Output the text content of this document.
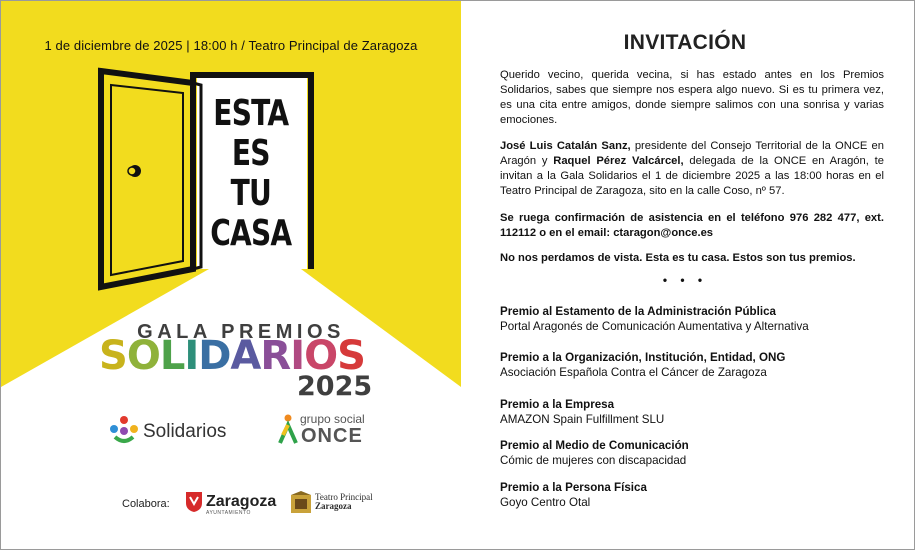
1 de diciembre de 2025 | 18:00 h / Teatro Principal de Zaragoza
ESTA
ES
TU
CASA
GALA PREMIOS
SOLIDARIOS
2025
Solidarios
grupo social
ONCE
Colabora: Zaragoza
AYUNTAMIENTO
Teatro Principal
Zaragoza
INVITACIÓN
Querido vecino, querida vecina, si has estado antes en los Premios Solidarios, sabes que siempre nos espera algo nuevo. Si es tu primera vez, es una cita entre amigos, donde siempre salimos con una sonrisa y varias emociones.
José Luis Catalán Sanz, presidente del Consejo Territorial de la ONCE en Aragón y Raquel Pérez Valcárcel, delegada de la ONCE en Aragón, te invitan a la Gala Solidarios el 1 de diciembre 2025 a las 18:00 horas en el Teatro Principal de Zaragoza, sito en la calle Coso, nº 57.
Se ruega confirmación de asistencia en el teléfono 976 282 477, ext. 112112 o en el email: ctaragon@once.es
No nos perdamos de vista. Esta es tu casa. Estos son tus premios.
• • •
Premio al Estamento de la Administración Pública
Portal Aragonés de Comunicación Aumentativa y Alternativa
Premio a la Organización, Institución, Entidad, ONG
Asociación Española Contra el Cáncer de Zaragoza
Premio a la Empresa
AMAZON Spain Fulfillment SLU
Premio al Medio de Comunicación
Cómic de mujeres con discapacidad
Premio a la Persona Física
Goyo Centro Otal
